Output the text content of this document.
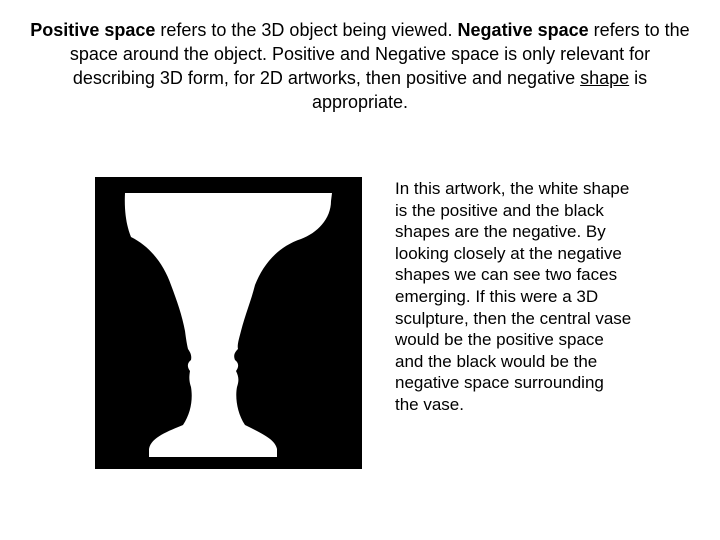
Positive space refers to the 3D object being viewed. Negative space refers to the space around the object. Positive and Negative space is only relevant for describing 3D form, for 2D artworks, then positive and negative shape is appropriate.

In this artwork, the white shape
is the positive and the black
shapes are the negative. By
looking closely at the negative
shapes we can see two faces
emerging. If this were a 3D
sculpture, then the central vase
would be the positive space
and the black would be the
negative space surrounding
the vase.
